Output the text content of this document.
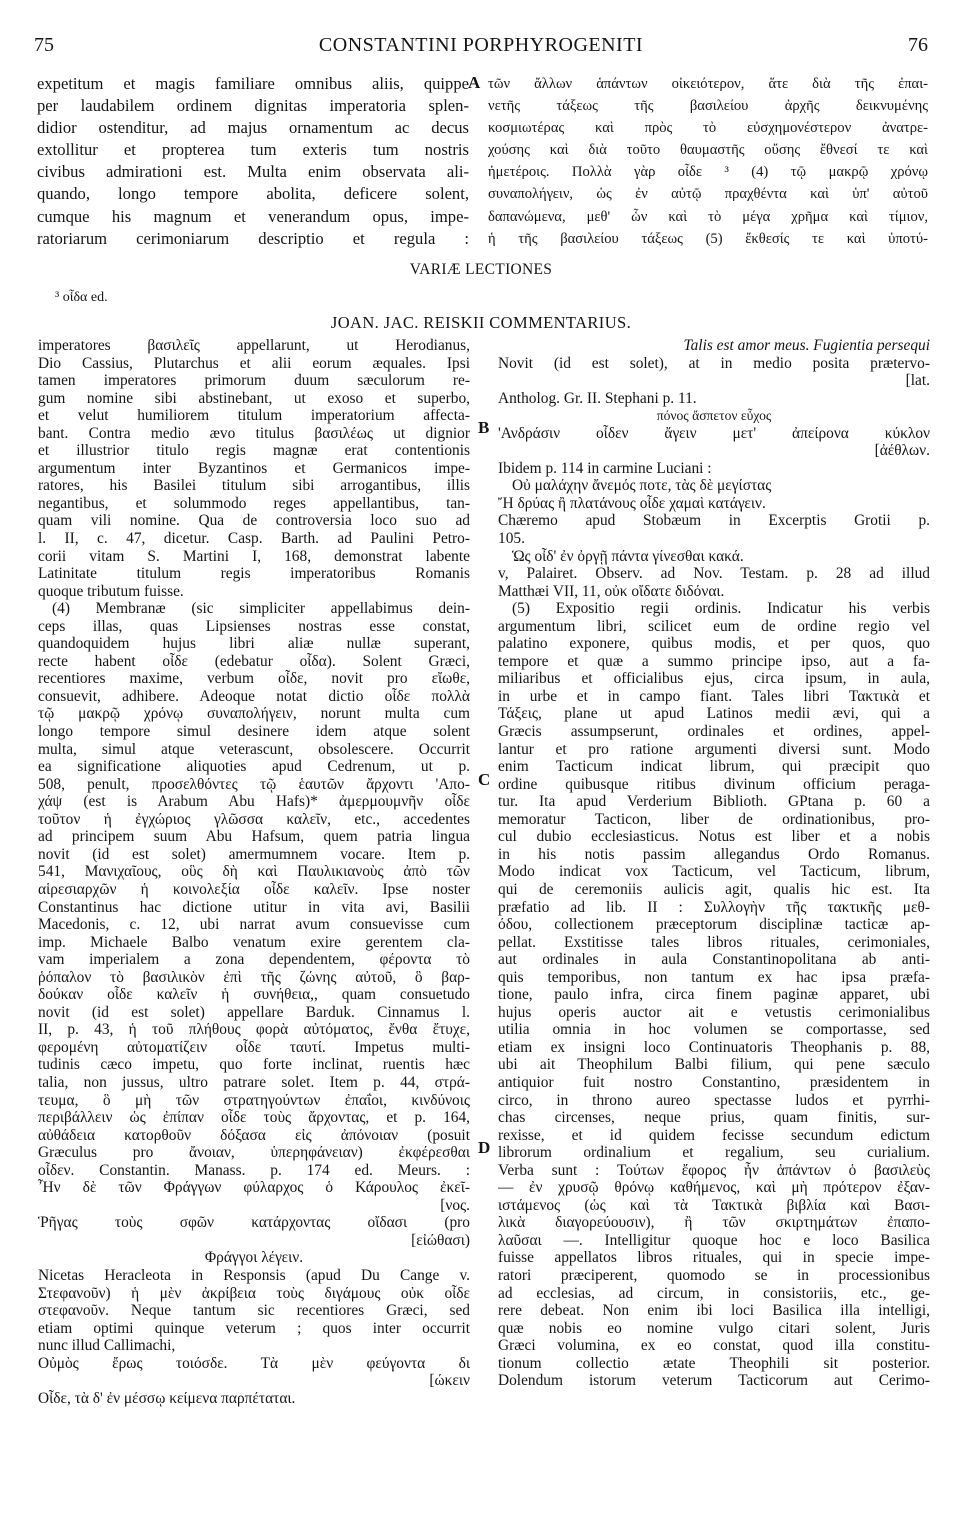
75	CONSTANTINI PORPHYROGENITI	76
A
B
C
D
expetitum et magis familiare omnibus aliis, quippe
per laudabilem ordinem dignitas imperatoria splen-
didior ostenditur, ad majus ornamentum ac decus
extollitur et propterea tum exteris tum nostris
civibus admirationi est. Multa enim observata ali-
quando, longo tempore abolita, deficere solent,
cumque his magnum et venerandum opus, impe-
ratoriarum cerimoniarum descriptio et regula :
τῶν ἄλλων ἁπάντων οἰκειότερον, ἅτε διὰ τῆς ἐπαι-
νετῆς τάξεως τῆς βασιλείου ἀρχῆς δεικνυμένης
κοσμιωτέρας καὶ πρὸς τὸ εὐσχημονέστερον ἀνατρε-
χούσης καὶ διὰ τοῦτο θαυμαστῆς οὔσης ἔθνεσί τε καὶ
ἡμετέροις. Πολλὰ γὰρ οἶδε ³ (4) τῷ μακρῷ χρόνῳ
συναπολήγειν, ὡς ἐν αὐτῷ πραχθέντα καὶ ὑπ' αὐτοῦ
δαπανώμενα, μεθ' ὧν καὶ τὸ μέγα χρῆμα καὶ τίμιον,
ἡ τῆς βασιλείου τάξεως (5) ἔκθεσίς τε καὶ ὑποτύ-
VARIÆ LECTIONES
³ οἶδα ed.
JOAN. JAC. REISKII COMMENTARIUS.
imperatores βασιλεῖς appellarunt, ut Herodianus,
Dio Cassius, Plutarchus et alii eorum æquales. Ipsi
tamen imperatores primorum duum sæculorum re-
gum nomine sibi abstinebant, ut exoso et superbo,
et velut humiliorem titulum imperatorium affecta-
bant. Contra medio ævo titulus βασιλέως ut dignior
et illustrior titulo regis magnæ erat contentionis
argumentum inter Byzantinos et Germanicos impe-
ratores, his Basilei titulum sibi arrogantibus, illis
negantibus, et solummodo reges appellantibus, tan-
quam vili nomine. Qua de controversia loco suo ad
l. II, c. 47, dicetur. Casp. Barth. ad Paulini Petro-
corii vitam S. Martini I, 168, demonstrat labente
Latinitate titulum regis imperatoribus Romanis
quoque tributum fuisse.
(4) Membranæ (sic simpliciter appellabimus dein-
ceps illas, quas Lipsienses nostras esse constat,
quandoquidem hujus libri aliæ nullæ superant,
recte habent οἶδε (edebatur οἶδα). Solent Græci,
recentiores maxime, verbum οἶδε, novit pro εἴωθε,
consuevit, adhibere. Adeoque notat dictio οἶδε πολλὰ
τῷ μακρῷ χρόνῳ συναπολήγειν, norunt multa cum
longo tempore simul desinere idem atque solent
multa, simul atque veterascunt, obsolescere. Occurrit
ea significatione aliquoties apud Cedrenum, ut p.
508, penult, προσελθόντες τῷ ἑαυτῶν ἄρχοντι 'Απο-
χάψ (est is Arabum Abu Hafs)* ἀμερμουμνῆν οἶδε
τοῦτον ἡ ἐγχώριος γλῶσσα καλεῖν, etc., accedentes
ad principem suum Abu Hafsum, quem patria lingua
novit (id est solet) amermumnem vocare. Item p.
541, Μανιχαῖους, οὓς δὴ καὶ Παυλικιανοὺς ἀπὸ τῶν
αἱρεσιαρχῶν ἡ κοινολεξία οἶδε καλεῖν. Ipse noster
Constantinus hac dictione utitur in vita avi, Basilii
Macedonis, c. 12, ubi narrat avum consuevisse cum
imp. Michaele Balbo venatum exire gerentem cla-
vam imperialem a zona dependentem, φέροντα τὸ
ῥόπαλον τὸ βασιλικὸν ἐπὶ τῆς ζώνης αὐτοῦ, ὃ βαρ-
δούκαν οἶδε καλεῖν ἡ συνήθεια,, quam consuetudo
novit (id est solet) appellare Barduk. Cinnamus l.
II, p. 43, ἡ τοῦ πλήθους φορὰ αὐτόματος, ἔνθα ἔτυχε,
φερομένη αὐτοματίζειν οἶδε ταυτί. Impetus multi-
tudinis cæco impetu, quo forte inclinat, ruentis hæc
talia, non jussus, ultro patrare solet. Item p. 44, στρά-
τευμα, ὃ μὴ τῶν στρατηγούντων ἐπαΐοι, κινδύνοις
περιβάλλειν ὡς ἐπίπαν οἶδε τοὺς ἄρχοντας, et p. 164,
αὐθάδεια κατορθοῦν δόξασα εἰς ἀπόνοιαν (posuit
Græculus pro ἄνοιαν, ὑπερηφάνειαν) ἐκφέρεσθαι
οἶδεν. Constantin. Manass. p. 174 ed. Meurs. :
Ἦν δὲ τῶν Φράγγων φύλαρχος ὁ Κάρουλος ἐκεῖ-
[νος.
Ῥῆγας τοὺς σφῶν κατάρχοντας οἴδασι (pro
[εἰώθασι)
Φράγγοι λέγειν.
Nicetas Heracleota in Responsis (apud Du Cange v.
Στεφανοῦν) ἡ μὲν ἀκρίβεια τοὺς διγάμους οὐκ οἶδε
στεφανοῦν. Neque tantum sic recentiores Græci, sed
etiam optimi quinque veterum ; quos inter occurrit
nunc illud Callimachi,
Οὐμὸς ἔρως τοιόσδε. Τὰ μὲν φεύγοντα δι
[ώκειν
Οἶδε, τὰ δ' ἐν μέσσῳ κείμενα παρπέταται.
Talis est amor meus. Fugientia persequi
Novit (id est solet), at in medio posita prætervo-
[lat.
Antholog. Gr. II. Stephani p. 11.
πόνος ἄσπετον εὖχος
'Ανδράσιν οἶδεν ἄγειν μετ' ἀπείρονα κύκλον
[ἀέθλων.
Ibidem p. 114 in carmine Luciani :
Οὐ μαλάχην ἄνεμός ποτε, τὰς δὲ μεγίστας
Ἤ δρύας ἢ πλατάνους οἶδε χαμαὶ κατάγειν.
Chæremo apud Stobæum in Excerptis Grotii p.
105.
Ὡς οἶδ' ἐν ὀργῇ πάντα γίνεσθαι κακά.
v, Palairet. Observ. ad Nov. Testam. p. 28 ad illud
Matthæi VII, 11, οὐκ οἴδατε διδόναι.
(5) Expositio regii ordinis. Indicatur his verbis
argumentum libri, scilicet eum de ordine regio vel
palatino exponere, quibus modis, et per quos, quo
tempore et quæ a summo principe ipso, aut a fa-
miliaribus et officialibus ejus, circa ipsum, in aula,
in urbe et in campo fiant. Tales libri Τακτικὰ et
Τάξεις, plane ut apud Latinos medii ævi, qui a
Græcis assumpserunt, ordinales et ordines, appel-
lantur et pro ratione argumenti diversi sunt. Modo
enim Tacticum indicat librum, qui præcipit quo
ordine quibusque ritibus divinum officium peraga-
tur. Ita apud Verderium Biblioth. GPtana p. 60 a
memoratur Tacticon, liber de ordinationibus, pro-
cul dubio ecclesiasticus. Notus est liber et a nobis
in his notis passim allegandus Ordo Romanus.
Modo indicat vox Tacticum, vel Tacticum, librum,
qui de ceremoniis aulicis agit, qualis hic est. Ita
præfatio ad lib. II : Συλλογὴν τῆς τακτικῆς μεθ-
όδου, collectionem præceptorum disciplinæ tacticæ ap-
pellat. Exstitisse tales libros rituales, cerimoniales,
aut ordinales in aula Constantinopolitana ab anti-
quis temporibus, non tantum ex hac ipsa præfa-
tione, paulo infra, circa finem paginæ apparet, ubi
hujus operis auctor ait e vetustis cerimonialibus
utilia omnia in hoc volumen se comportasse, sed
etiam ex insigni loco Continuatoris Theophanis p. 88,
ubi ait Theophilum Balbi filium, qui pene sæculo
antiquior fuit nostro Constantino, præsidentem in
circo, in throno aureo spectasse ludos et pyrrhi-
chas circenses, neque prius, quam finitis, sur-
rexisse, et id quidem fecisse secundum edictum
librorum ordinalium et regalium, seu curialium.
Verba sunt : Τούτων ἔφορος ἦν ἁπάντων ὁ βασιλεὺς
— ἐν χρυσῷ θρόνῳ καθήμενος, καὶ μὴ πρότερον ἐξαν-
ιστάμενος (ὡς καὶ τὰ Τακτικὰ βιβλία καὶ Βασι-
λικὰ διαγορεύουσιν), ἢ τῶν σκιρτημάτων ἐπαπο-
λαῦσαι —. Intelligitur quoque hoc e loco Basilica
fuisse appellatos libros rituales, qui in specie impe-
ratori præciperent, quomodo se in processionibus
ad ecclesias, ad circum, in consistoriis, etc., ge-
rere debeat. Non enim ibi loci Basilica illa intelligi,
quæ nobis eo nomine vulgo citari solent, Juris
Græci volumina, ex eo constat, quod illa constitu-
tionum collectio ætate Theophili sit posterior.
Dolendum istorum veterum Tacticorum aut Cerimo-
